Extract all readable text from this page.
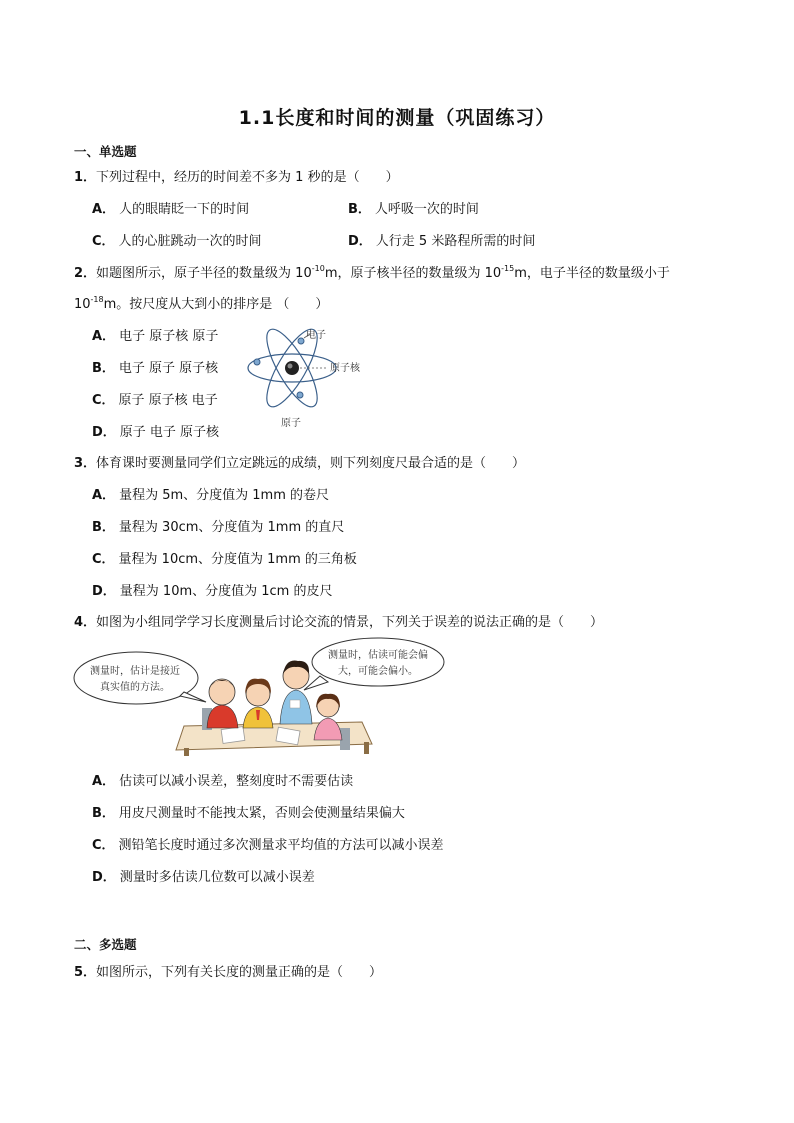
1.1长度和时间的测量（巩固练习）
一、单选题
1．下列过程中，经历的时间差不多为 1 秒的是（　　）
A． 人的眼睛眨一下的时间	B． 人呼吸一次的时间
C． 人的心脏跳动一次的时间	D． 人行走 5 米路程所需的时间
2．如题图所示，原子半径的数量级为 $10^{-10}m$，原子核半径的数量级为 $10^{-15}m$，电子半径的数量级小于
$10^{-18}m$。按尺度从大到小的排序是 （　　）
A． 电子 原子核 原子
B． 电子 原子 原子核
C． 原子 原子核 电子
D． 原子 电子 原子核
电子
原子核
原子
3．体育课时要测量同学们立定跳远的成绩，则下列刻度尺最合适的是（　　）
A． 量程为 5m、分度值为 1mm 的卷尺
B． 量程为 30cm、分度值为 1mm 的直尺
C． 量程为 10cm、分度值为 1mm 的三角板
D． 量程为 10m、分度值为 1cm 的皮尺
4．如图为小组同学学习长度测量后讨论交流的情景，下列关于误差的说法正确的是（　　）
测量时，估计是接近
真实值的方法。
测量时，估读可能会偏
大，可能会偏小。
A． 估读可以减小误差，整刻度时不需要估读
B． 用皮尺测量时不能拽太紧，否则会使测量结果偏大
C． 测铅笔长度时通过多次测量求平均值的方法可以减小误差
D． 测量时多估读几位数可以减小误差
二、多选题
5．如图所示，下列有关长度的测量正确的是（　　）
